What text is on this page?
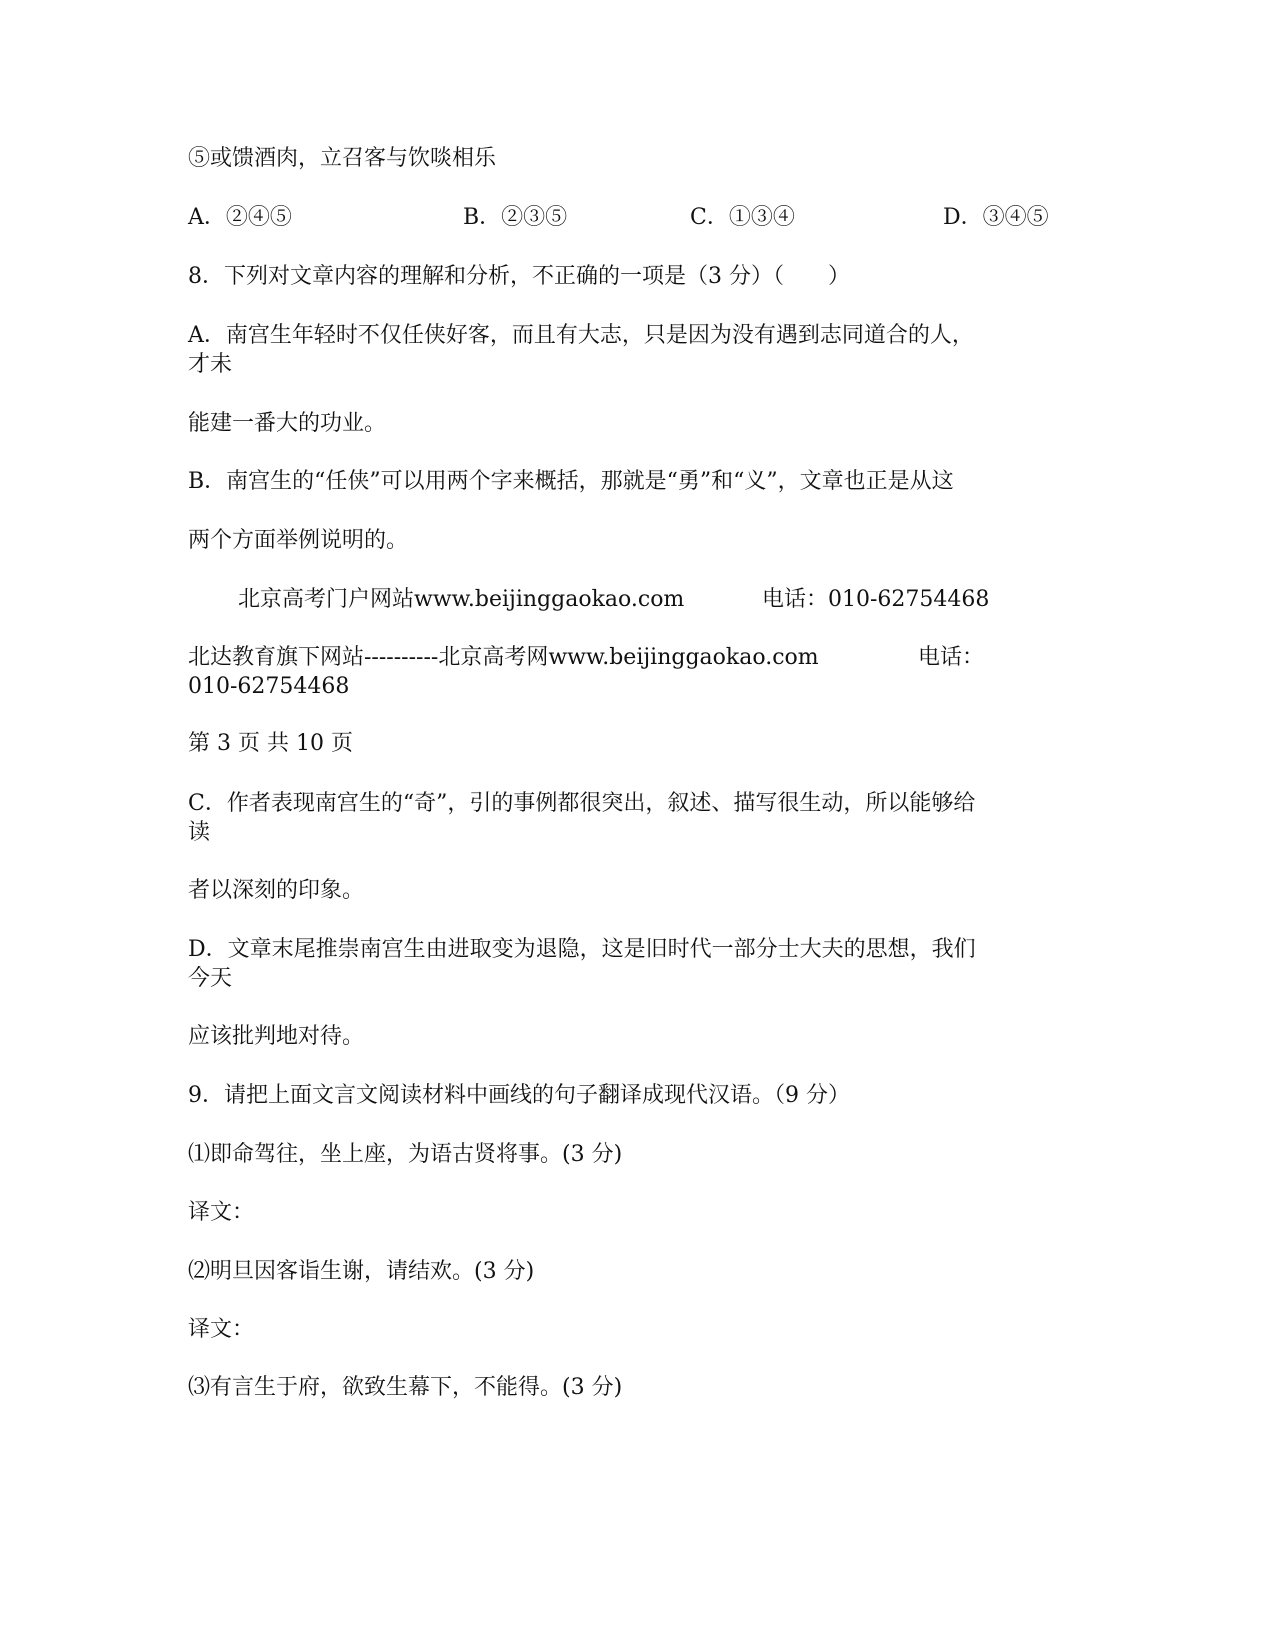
⑤或馈酒肉，立召客与饮啖相乐
A．②④⑤	B．②③⑤	C．①③④	D．③④⑤
8．下列对文章内容的理解和分析，不正确的一项是（3 分）（　　）
A．南宫生年轻时不仅任侠好客，而且有大志，只是因为没有遇到志同道合的人，
才未
能建一番大的功业。
B．南宫生的“任侠”可以用两个字来概括，那就是“勇”和“义”，文章也正是从这
两个方面举例说明的。
北京高考门户网站www.beijinggaokao.com	电话：010-62754468
北达教育旗下网站----------北京高考网www.beijinggaokao.com	电话：
010-62754468
第 3 页 共 10 页
C．作者表现南宫生的“奇”，引的事例都很突出，叙述、描写很生动，所以能够给
读
者以深刻的印象。
D．文章末尾推崇南宫生由进取变为退隐，这是旧时代一部分士大夫的思想，我们
今天
应该批判地对待。
9．请把上面文言文阅读材料中画线的句子翻译成现代汉语。（9 分）
⑴即命驾往，坐上座，为语古贤将事。(3 分)
译文：
⑵明旦因客诣生谢，请结欢。(3 分)
译文：
⑶有言生于府，欲致生幕下，不能得。(3 分)
